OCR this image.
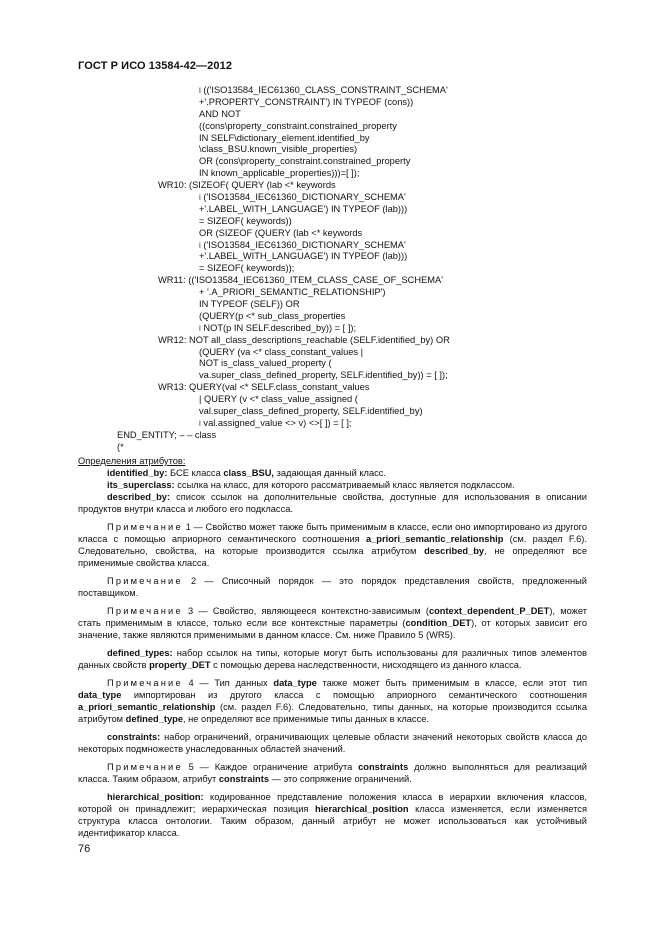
ГОСТ Р ИСО 13584-42—2012
ǀ (('ISO13584_IEC61360_CLASS_CONSTRAINT_SCHEMA'
+'.PROPERTY_CONSTRAINT') IN TYPEOF (cons))
AND NOT
((cons\property_constraint.constrained_property
IN SELF\dictionary_element.identified_by
\class_BSU.known_visible_properties)
OR (cons\property_constraint.constrained_property
IN known_applicable_properties)))=[ ]);
WR10: (SIZEOF( QUERY (lab <* keywords
ǀ ('ISO13584_IEC61360_DICTIONARY_SCHEMA'
+'.LABEL_WITH_LANGUAGE') IN TYPEOF (lab)))
= SIZEOF( keywords))
OR (SIZEOF (QUERY (lab <* keywords
ǀ ('ISO13584_IEC61360_DICTIONARY_SCHEMA'
+'.LABEL_WITH_LANGUAGE') IN TYPEOF (lab)))
= SIZEOF( keywords));
WR11: (('ISO13584_IEC61360_ITEM_CLASS_CASE_OF_SCHEMA'
+ '.A_PRIORI_SEMANTIC_RELATIONSHIP')
IN TYPEOF (SELF)) OR
(QUERY(p <* sub_class_properties
ǀ NOT(p IN SELF.described_by)) = [ ]);
WR12: NOT all_class_descriptions_reachable (SELF.identified_by) OR
(QUERY (va <* class_constant_values |
NOT is_class_valued_property (
va.super_class_defined_property, SELF.identified_by)) = [ ]);
WR13: QUERY(val <* SELF.class_constant_values
| QUERY (v <* class_value_assigned (
val.super_class_defined_property, SELF.identified_by)
ǀ val.assigned_value <> v) <>[ ]) = [ ];
END_ENTITY; – – class
(*
Определения атрибутов:
identified_by: БСЕ класса class_BSU, задающая данный класс.
its_superclass: ссылка на класс, для которого рассматриваемый класс является подклассом.
described_by: список ссылок на дополнительные свойства, доступные для использования в описании продуктов внутри класса и любого его подкласса.
Примечание 1 — Свойство может также быть применимым в классе, если оно импортировано из другого класса с помощью априорного семантического соотношения a_priori_semantic_relationship (см. раздел F.6). Следовательно, свойства, на которые производится ссылка атрибутом described_by, не определяют все применимые свойства класса.
Примечание 2 — Списочный порядок — это порядок представления свойств, предложенный поставщиком.
Примечание 3 — Свойство, являющееся контекстно-зависимым (context_dependent_P_DET), может стать применимым в классе, только если все контекстные параметры (condition_DET), от которых зависит его значение, также являются применимыми в данном классе. См. ниже Правило 5 (WR5).
defined_types: набор ссылок на типы, которые могут быть использованы для различных типов элементов данных свойств property_DET с помощью дерева наследственности, нисходящего из данного класса.
Примечание 4 — Тип данных data_type также может быть применимым в классе, если этот тип data_type импортирован из другого класса с помощью априорного семантического соотношения a_priori_semantic_relationship (см. раздел F.6). Следовательно, типы данных, на которые производится ссылка атрибутом defined_type, не определяют все применимые типы данных в классе.
constraints: набор ограничений, ограничивающих целевые области значений некоторых свойств класса до некоторых подмножеств унаследованных областей значений.
Примечание 5 — Каждое ограничение атрибута constraints должно выполняться для реализаций класса. Таким образом, атрибут constraints — это сопряжение ограничений.
hierarchical_position: кодированное представление положения класса в иерархии включения классов, которой он принадлежит; иерархическая позиция hierarchical_position класса изменяется, если изменяется структура класса онтологии. Таким образом, данный атрибут не может использоваться как устойчивый идентификатор класса.
76
